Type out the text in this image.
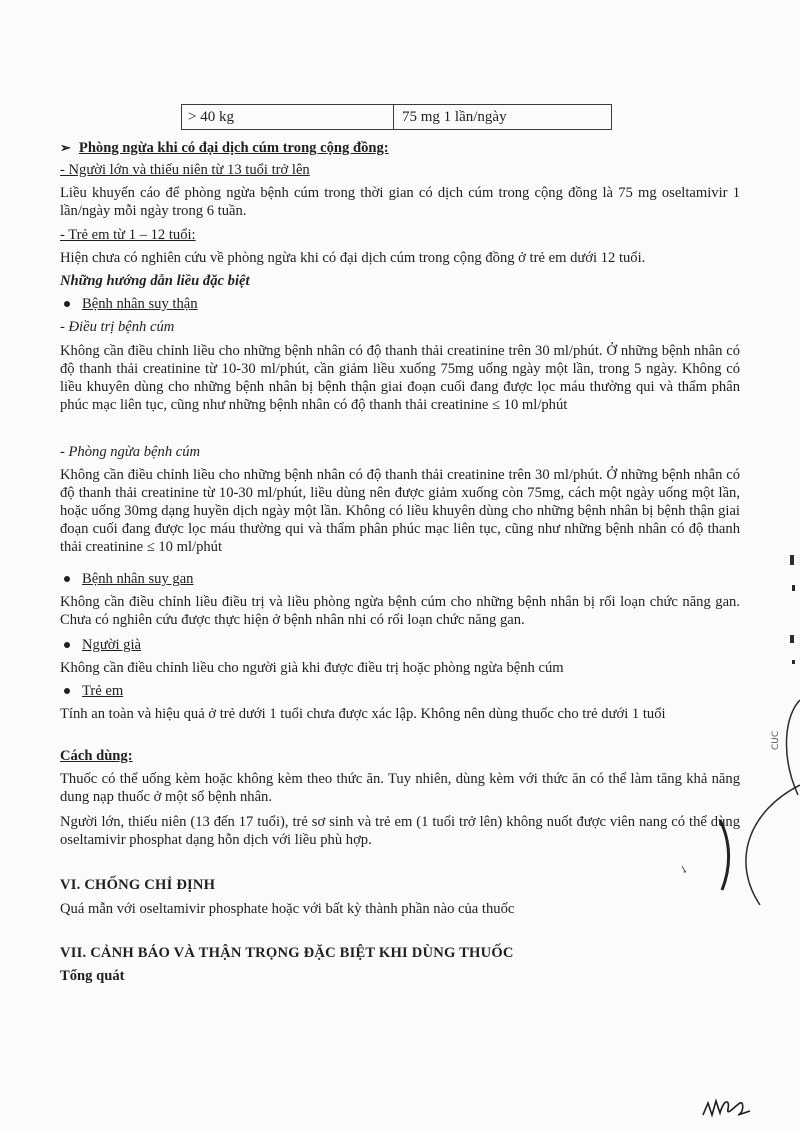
> 40 kg	75 mg 1 lần/ngày
➢ Phòng ngừa khi có đại dịch cúm trong cộng đồng:
- Người lớn và thiếu niên từ 13 tuổi trở lên
Liều khuyến cáo để phòng ngừa bệnh cúm trong thời gian có dịch cúm trong cộng đồng là 75 mg oseltamivir 1 lần/ngày mỗi ngày trong 6 tuần.
- Trẻ em từ 1 – 12 tuổi:
Hiện chưa có nghiên cứu về phòng ngừa khi có đại dịch cúm trong cộng đồng ở trẻ em dưới 12 tuổi.
Những hướng dẫn liều đặc biệt
Bệnh nhân suy thận
- Điều trị bệnh cúm
Không cần điều chỉnh liều cho những bệnh nhân có độ thanh thải creatinine trên 30 ml/phút. Ở những bệnh nhân có độ thanh thải creatinine từ 10-30 ml/phút, cần giảm liều xuống 75mg uống ngày một lần, trong 5 ngày. Không có liều khuyên dùng cho những bệnh nhân bị bệnh thận giai đoạn cuối đang được lọc máu thường qui và thẩm phân phúc mạc liên tục, cũng như những bệnh nhân có độ thanh thải creatinine ≤ 10 ml/phút
- Phòng ngừa bệnh cúm
Không cần điều chỉnh liều cho những bệnh nhân có độ thanh thải creatinine trên 30 ml/phút. Ở những bệnh nhân có độ thanh thải creatinine từ 10-30 ml/phút, liều dùng nên được giảm xuống còn 75mg, cách một ngày uống một lần, hoặc uống 30mg dạng huyền dịch ngày một lần. Không có liều khuyên dùng cho những bệnh nhân bị bệnh thận giai đoạn cuối đang được lọc máu thường qui và thẩm phân phúc mạc liên tục, cũng như những bệnh nhân có độ thanh thải creatinine ≤ 10 ml/phút
Bệnh nhân suy gan
Không cần điều chỉnh liều điều trị và liều phòng ngừa bệnh cúm cho những bệnh nhân bị rối loạn chức năng gan. Chưa có nghiên cứu được thực hiện ở bệnh nhân nhi có rối loạn chức năng gan.
Người già
Không cần điều chỉnh liều cho người già khi được điều trị hoặc phòng ngừa bệnh cúm
Trẻ em
Tính an toàn và hiệu quả ở trẻ dưới 1 tuổi chưa được xác lập. Không nên dùng thuốc cho trẻ dưới 1 tuổi
Cách dùng:
Thuốc có thể uống kèm hoặc không kèm theo thức ăn. Tuy nhiên, dùng kèm với thức ăn có thể làm tăng khả năng dung nạp thuốc ở một số bệnh nhân.
Người lớn, thiếu niên (13 đến 17 tuổi), trẻ sơ sinh và trẻ em (1 tuổi trở lên) không nuốt được viên nang có thể dùng oseltamivir phosphat dạng hỗn dịch với liều phù hợp.
VI. CHỐNG CHỈ ĐỊNH
Quá mẫn với oseltamivir phosphate hoặc với bất kỳ thành phần nào của thuốc
VII. CẢNH BÁO VÀ THẬN TRỌNG ĐẶC BIỆT KHI DÙNG THUỐC
Tổng quát
✓
CUC
